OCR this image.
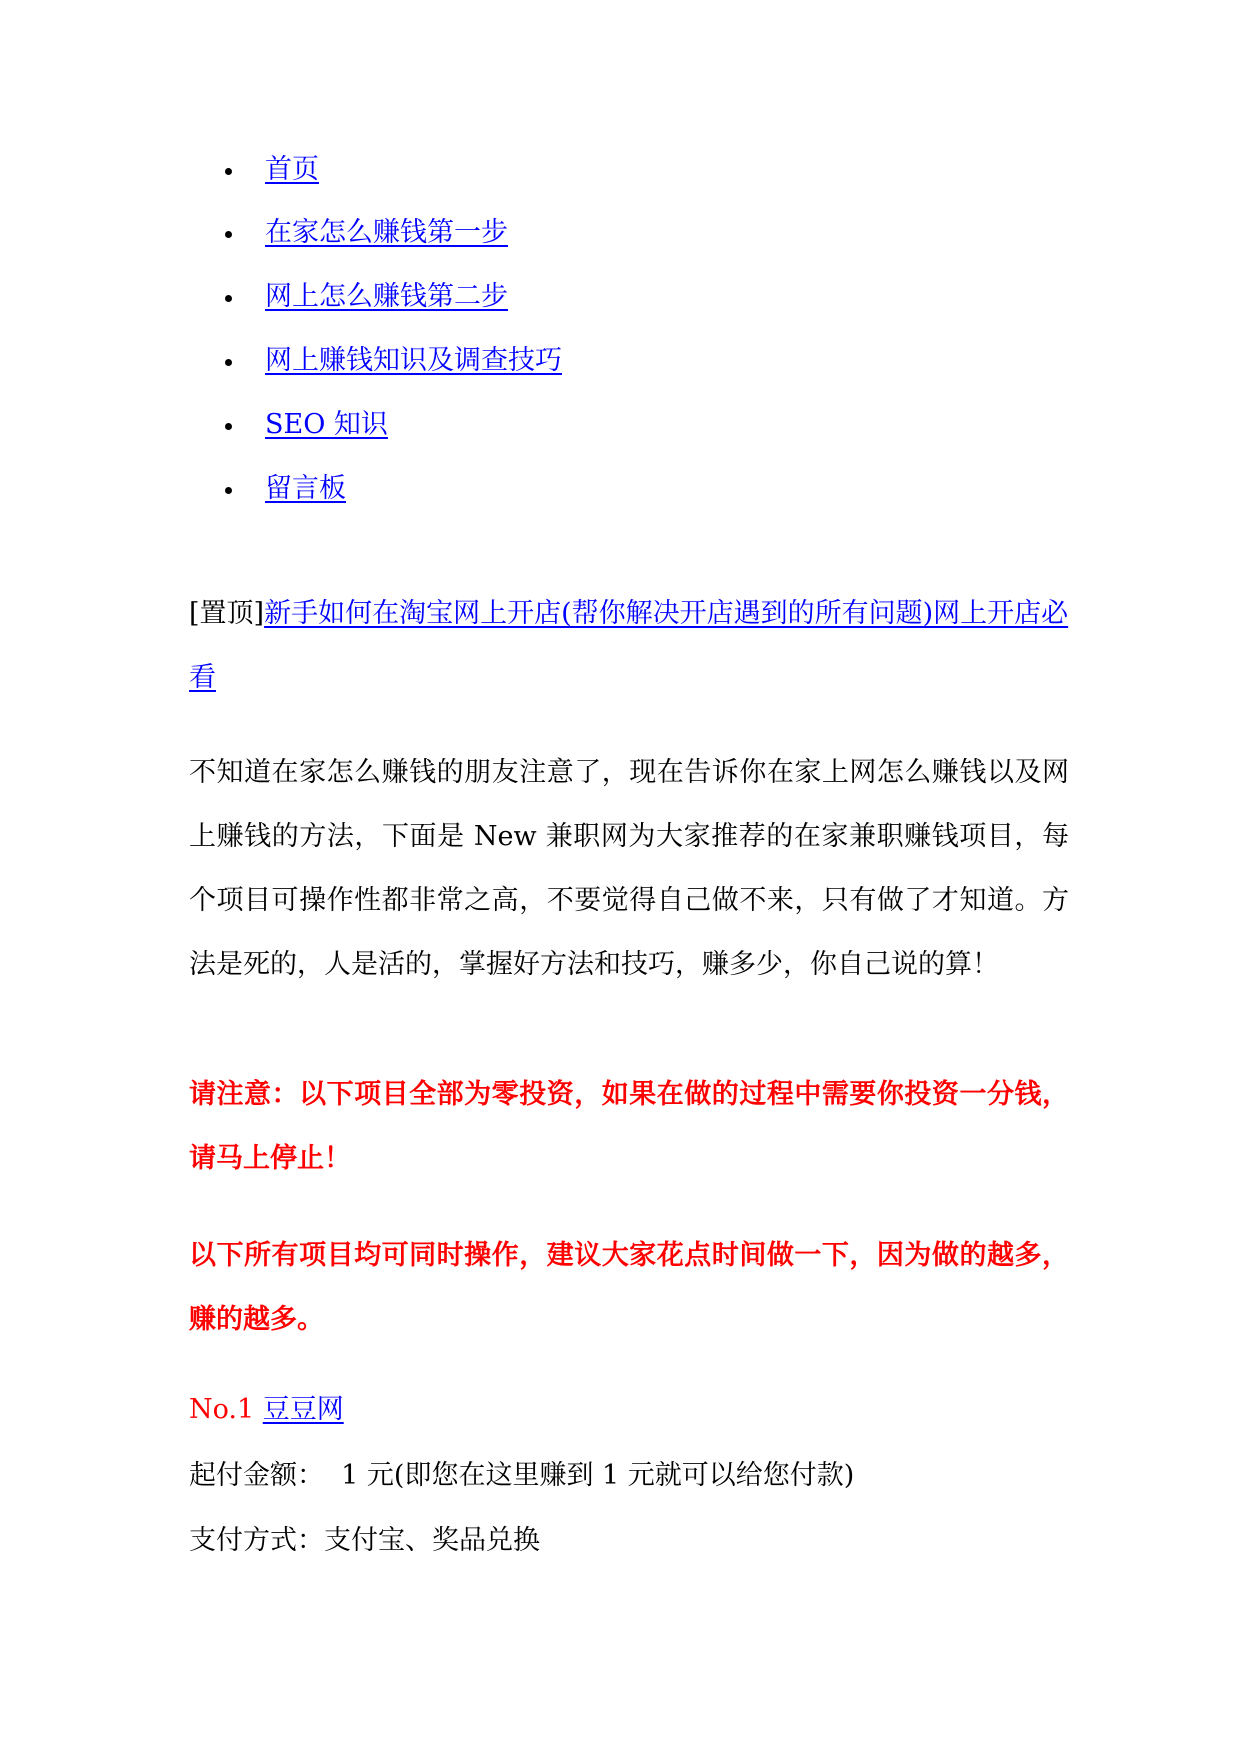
首页
在家怎么赚钱第一步
网上怎么赚钱第二步
网上赚钱知识及调查技巧
SEO 知识
留言板
[置顶]新手如何在淘宝网上开店(帮你解决开店遇到的所有问题)网上开店必看

不知道在家怎么赚钱的朋友注意了，现在告诉你在家上网怎么赚钱以及网上赚钱的方法，下面是 New 兼职网为大家推荐的在家兼职赚钱项目，每个项目可操作性都非常之高，不要觉得自己做不来，只有做了才知道。方法是死的，人是活的，掌握好方法和技巧，赚多少，你自己说的算！

请注意：以下项目全部为零投资，如果在做的过程中需要你投资一分钱，请马上停止！

以下所有项目均可同时操作，建议大家花点时间做一下，因为做的越多，赚的越多。

No.1 豆豆网
起付金额：  1 元(即您在这里赚到 1 元就可以给您付款)
支付方式：支付宝、奖品兑换
